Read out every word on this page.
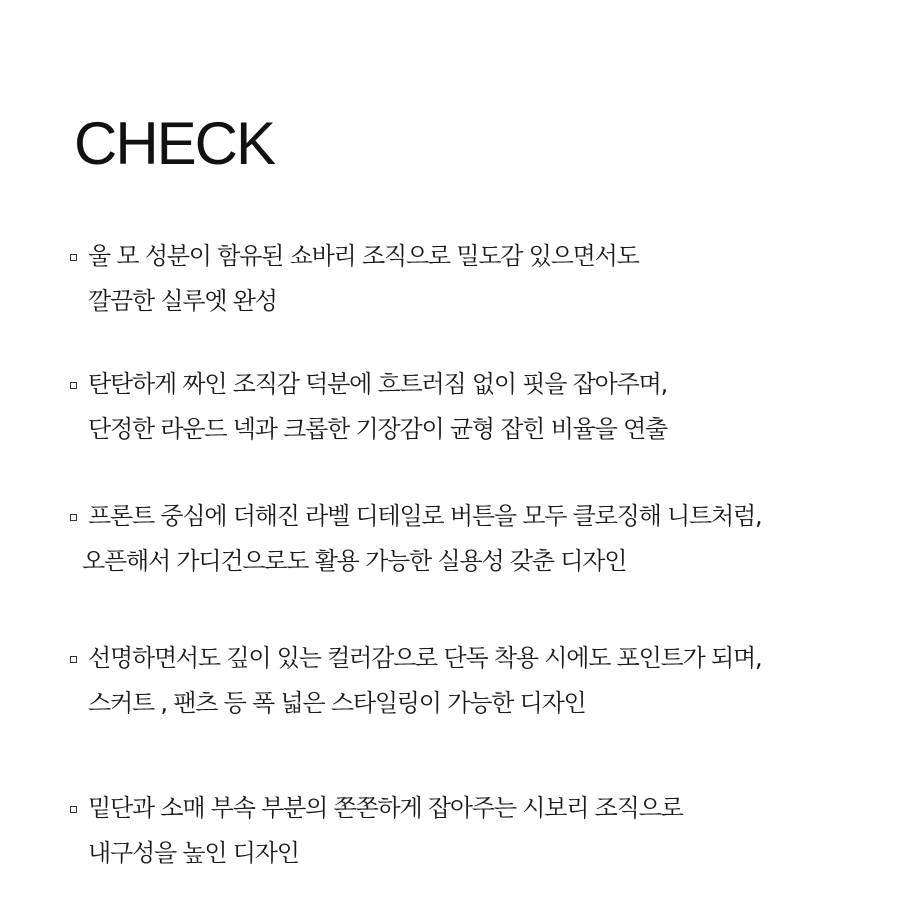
CHECK
울 모 성분이 함유된 쇼바리 조직으로 밀도감 있으면서도
깔끔한 실루엣 완성
탄탄하게 짜인 조직감 덕분에 흐트러짐 없이 핏을 잡아주며,
단정한 라운드 넥과 크롭한 기장감이 균형 잡힌 비율을 연출
프론트 중심에 더해진 라벨 디테일로 버튼을 모두 클로징해 니트처럼,
오픈해서 가디건으로도 활용 가능한 실용성 갖춘 디자인
선명하면서도 깊이 있는 컬러감으로 단독 착용 시에도 포인트가 되며,
스커트 , 팬츠 등 폭 넓은 스타일링이 가능한 디자인
밑단과 소매 부속 부분의 쫀쫀하게 잡아주는 시보리 조직으로
내구성을 높인 디자인
